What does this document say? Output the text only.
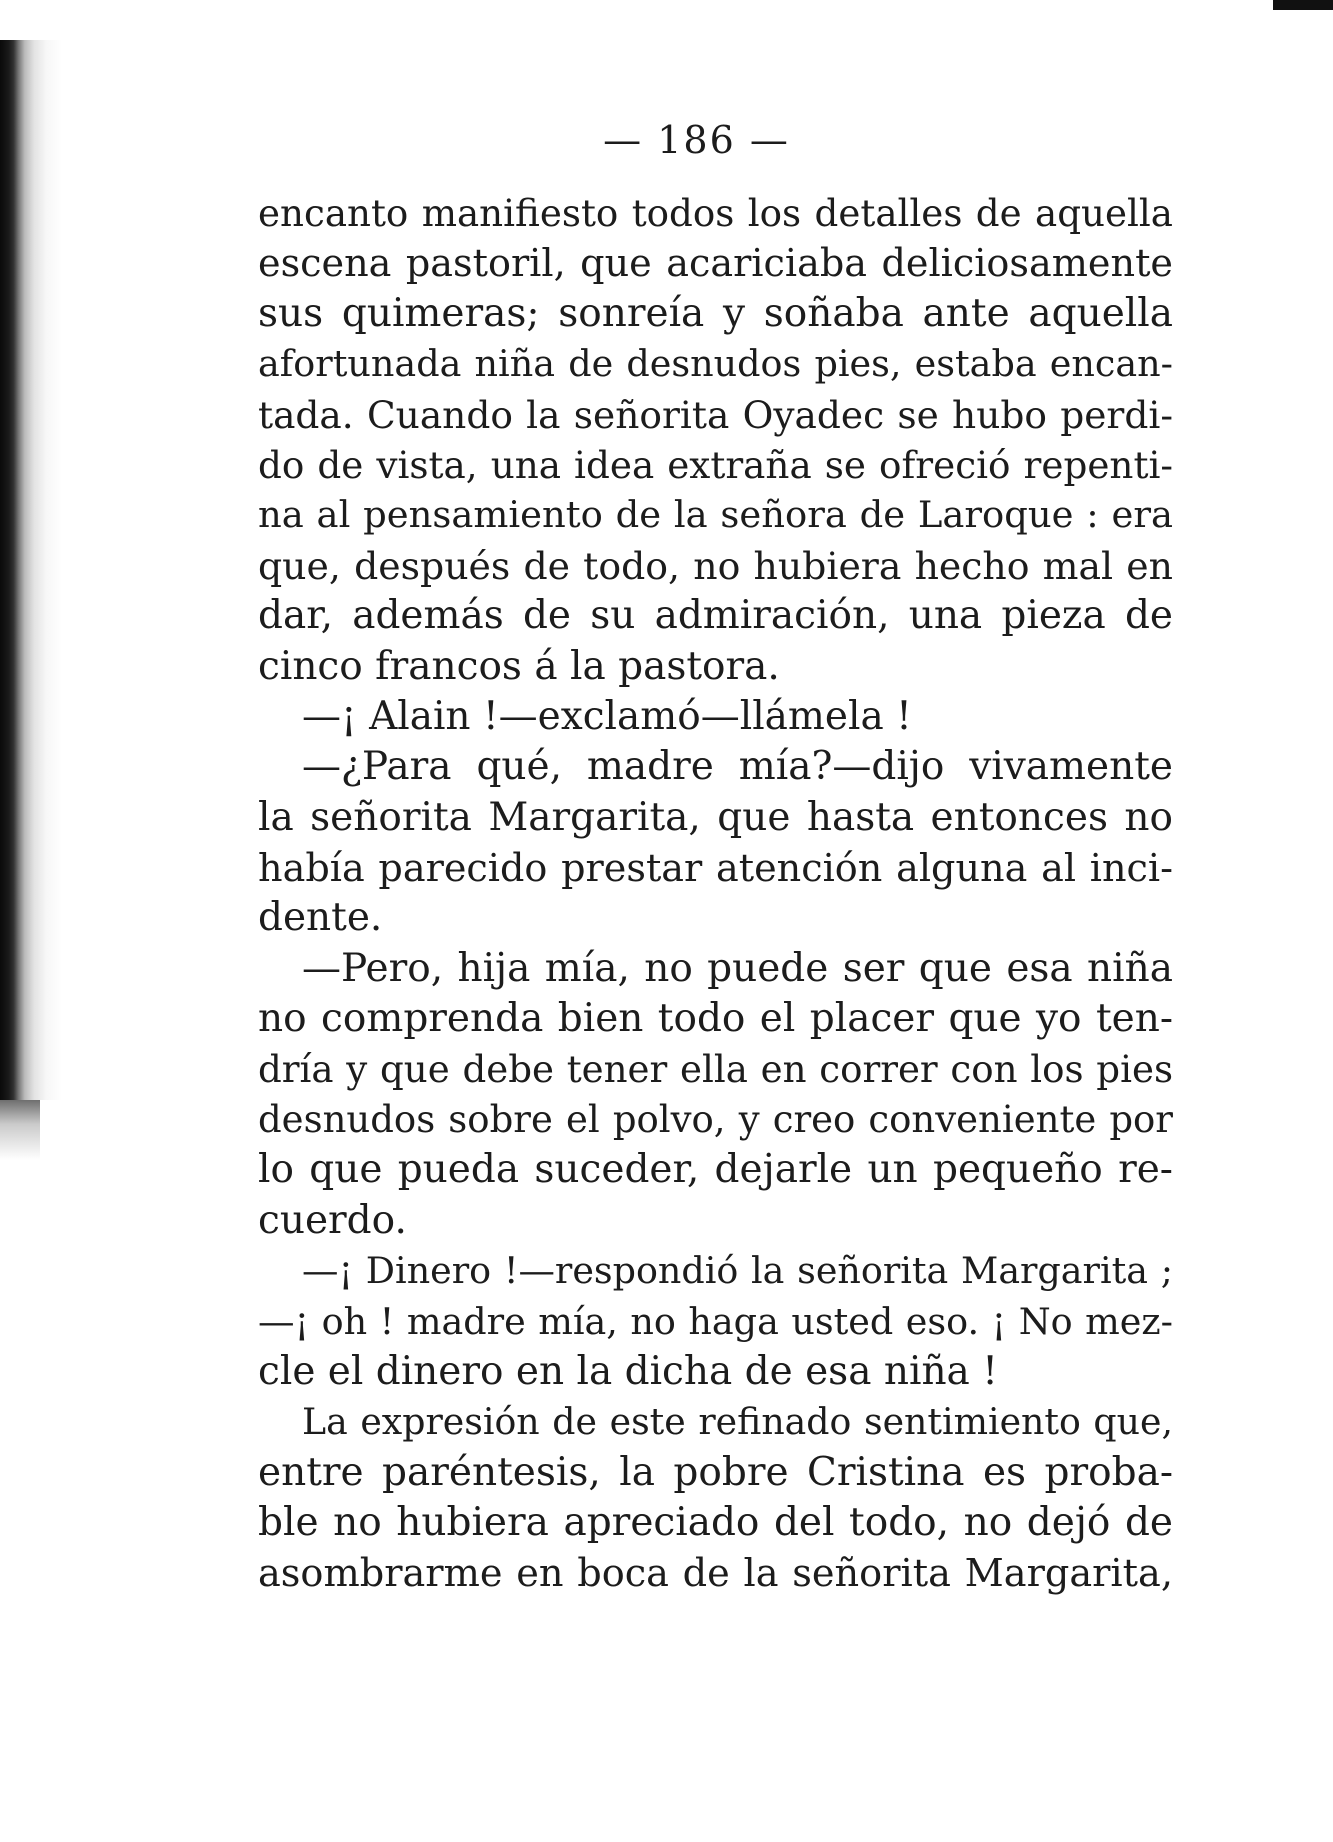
— 186 —
encanto manifiesto todos los detalles de aquella
escena pastoril, que acariciaba deliciosamente
sus quimeras; sonreía y soñaba ante aquella
afortunada niña de desnudos pies, estaba encan-
tada. Cuando la señorita Oyadec se hubo perdi-
do de vista, una idea extraña se ofreció repenti-
na al pensamiento de la señora de Laroque : era
que, después de todo, no hubiera hecho mal en
dar, además de su admiración, una pieza de
cinco francos á la pastora.
—¡ Alain !—exclamó—llámela !
—¿Para qué, madre mía?—dijo vivamente
la señorita Margarita, que hasta entonces no
había parecido prestar atención alguna al inci-
dente.
—Pero, hija mía, no puede ser que esa niña
no comprenda bien todo el placer que yo ten-
dría y que debe tener ella en correr con los pies
desnudos sobre el polvo, y creo conveniente por
lo que pueda suceder, dejarle un pequeño re-
cuerdo.
—¡ Dinero !—respondió la señorita Margarita ;
—¡ oh ! madre mía, no haga usted eso. ¡ No mez-
cle el dinero en la dicha de esa niña !
La expresión de este refinado sentimiento que,
entre paréntesis, la pobre Cristina es proba-
ble no hubiera apreciado del todo, no dejó de
asombrarme en boca de la señorita Margarita,
